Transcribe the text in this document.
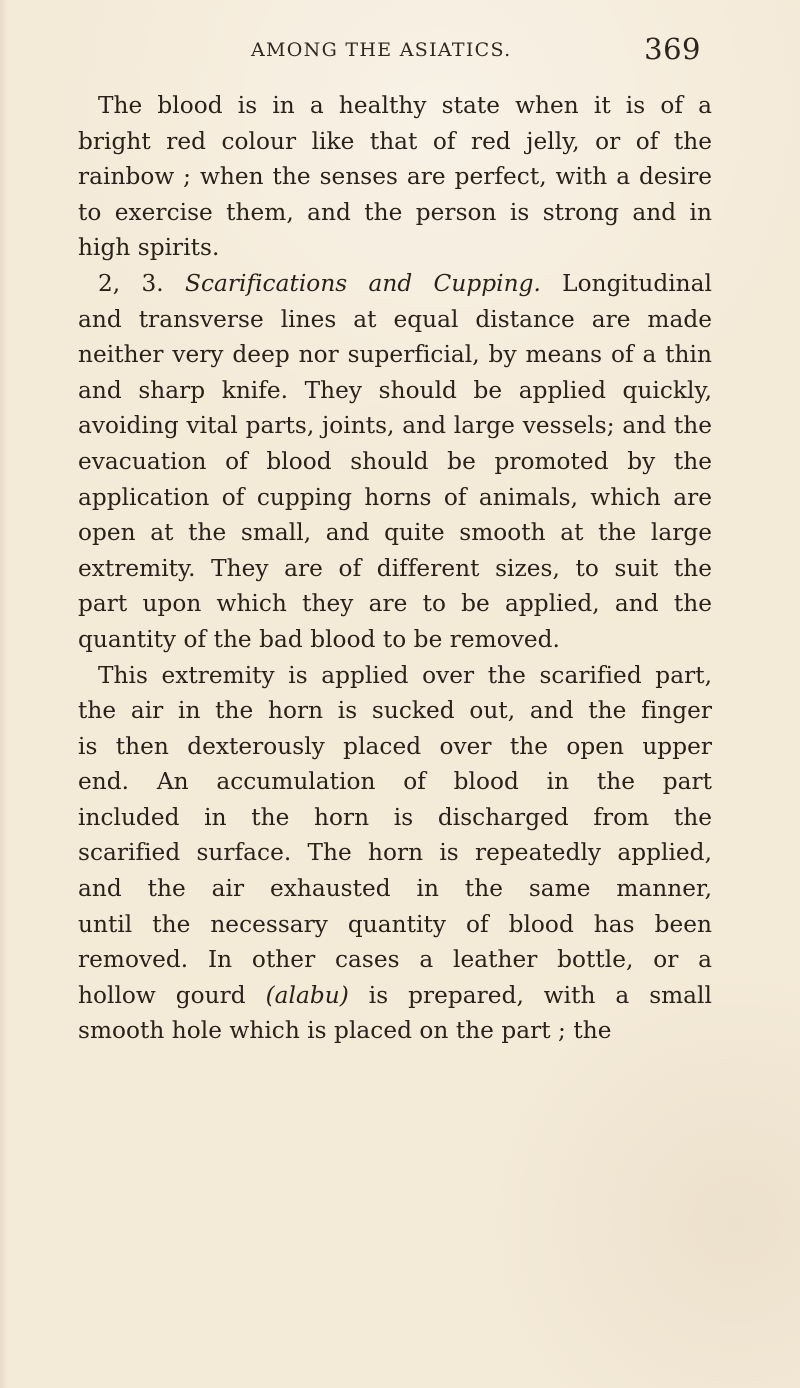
AMONG THE ASIATICS.	369
The blood is in a healthy state when it is of a
bright red colour like that of red jelly, or of the
rainbow ; when the senses are perfect, with a desire
to exercise them, and the person is strong and in
high spirits.
2, 3. Scarifications and Cupping. Longitudinal
and transverse lines at equal distance are made
neither very deep nor superficial, by means of a thin
and sharp knife. They should be applied quickly,
avoiding vital parts, joints, and large vessels; and the
evacuation of blood should be promoted by the
application of cupping horns of animals, which are
open at the small, and quite smooth at the large
extremity. They are of different sizes, to suit the
part upon which they are to be applied, and the
quantity of the bad blood to be removed.
This extremity is applied over the scarified part,
the air in the horn is sucked out, and the finger
is then dexterously placed over the open upper
end. An accumulation of blood in the part
included in the horn is discharged from the
scarified surface. The horn is repeatedly applied,
and the air exhausted in the same manner,
until the necessary quantity of blood has been
removed. In other cases a leather bottle, or a
hollow gourd (alabu) is prepared, with a small
smooth hole which is placed on the part ; the
